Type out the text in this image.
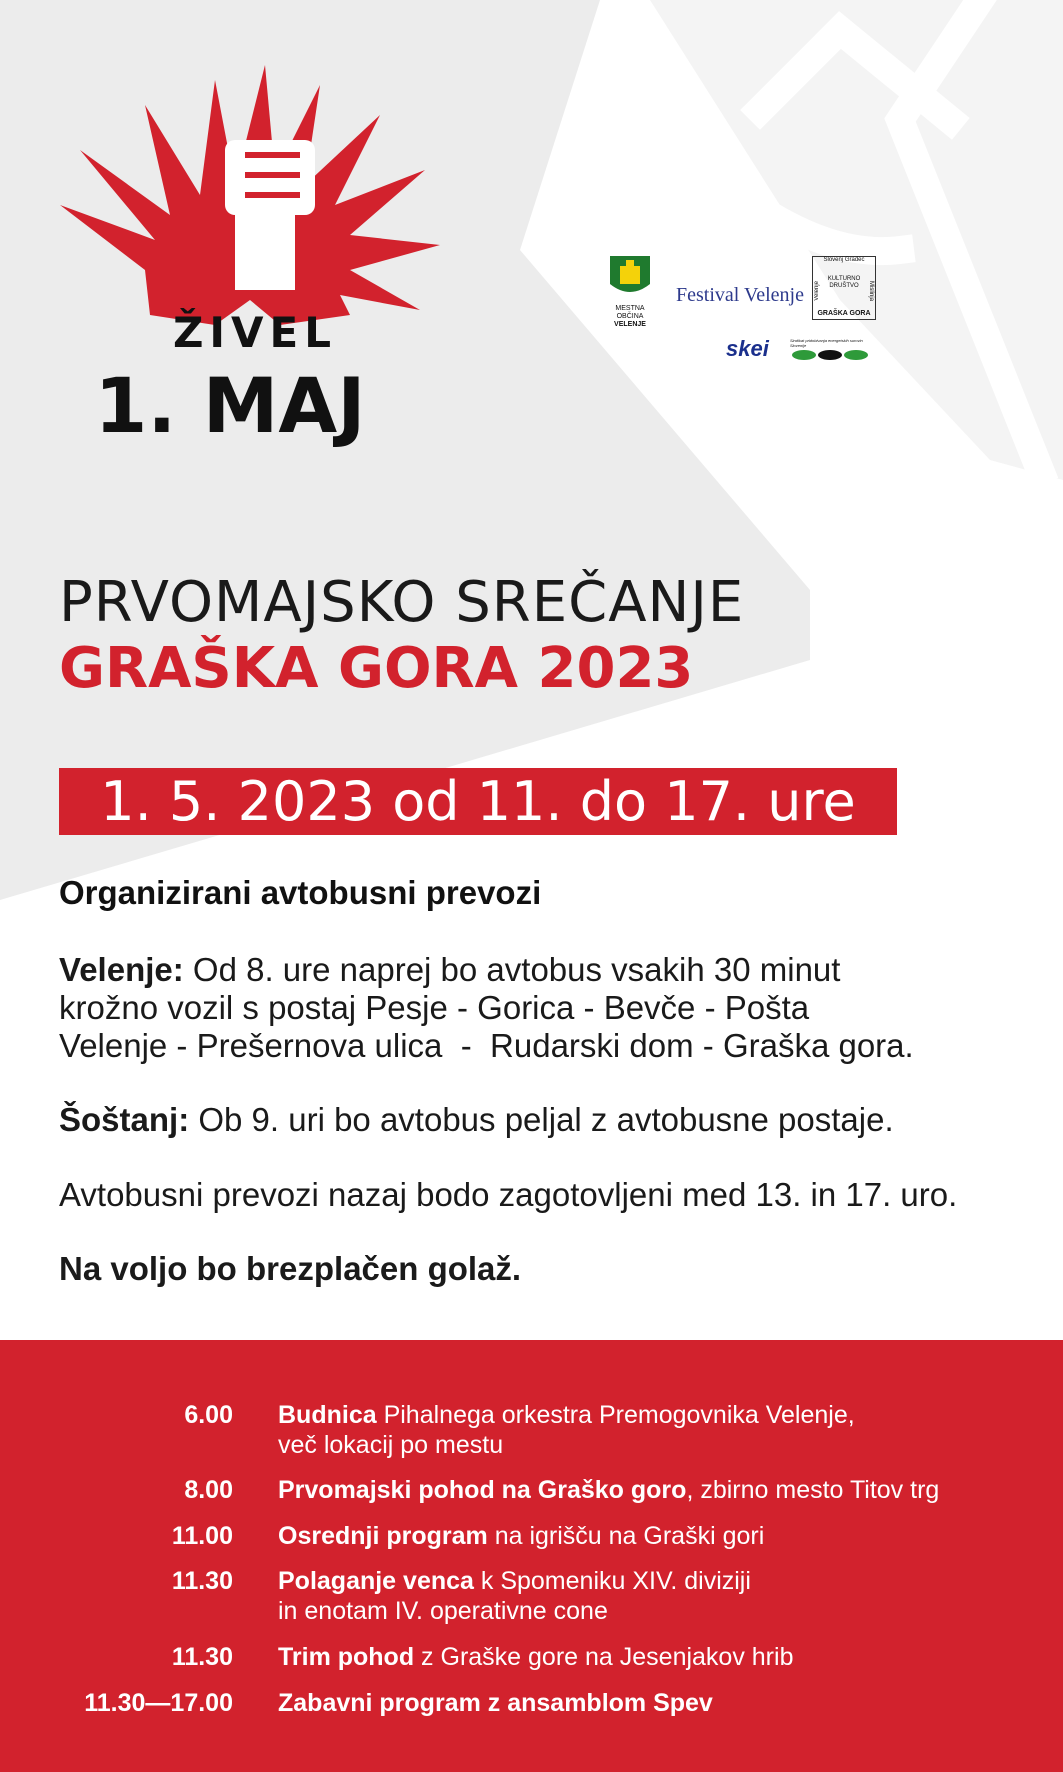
ŽIVEL
1. MAJ
MESTNA OBČINA
VELENJE
Festival Velenje
Slovenj Gradec
KULTURNO
DRUŠTVO
Velenje	Mislinja
GRAŠKA GORA
skei	Sindikat pridobivanja energetskih surovin Slovenije
PRVOMAJSKO SREČANJE
GRAŠKA GORA 2023
1. 5. 2023 od 11. do 17. ure
Organizirani avtobusni prevozi

Velenje: Od 8. ure naprej bo avtobus vsakih 30 minut
krožno vozil s postaj Pesje - Gorica - Bevče - Pošta
Velenje - Prešernova ulica  -  Rudarski dom - Graška gora.

Šoštanj: Ob 9. uri bo avtobus peljal z avtobusne postaje.

Avtobusni prevozi nazaj bodo zagotovljeni med 13. in 17. uro.

Na voljo bo brezplačen golaž.

6.00 Budnica Pihalnega orkestra Premogovnika Velenje,
več lokacij po mestu
8.00 Prvomajski pohod na Graško goro, zbirno mesto Titov trg
11.00 Osrednji program na igrišču na Graški gori
11.30 Polaganje venca k Spomeniku XIV. diviziji
in enotam IV. operativne cone
11.30 Trim pohod z Graške gore na Jesenjakov hrib
11.30—17.00 Zabavni program z ansamblom Spev
